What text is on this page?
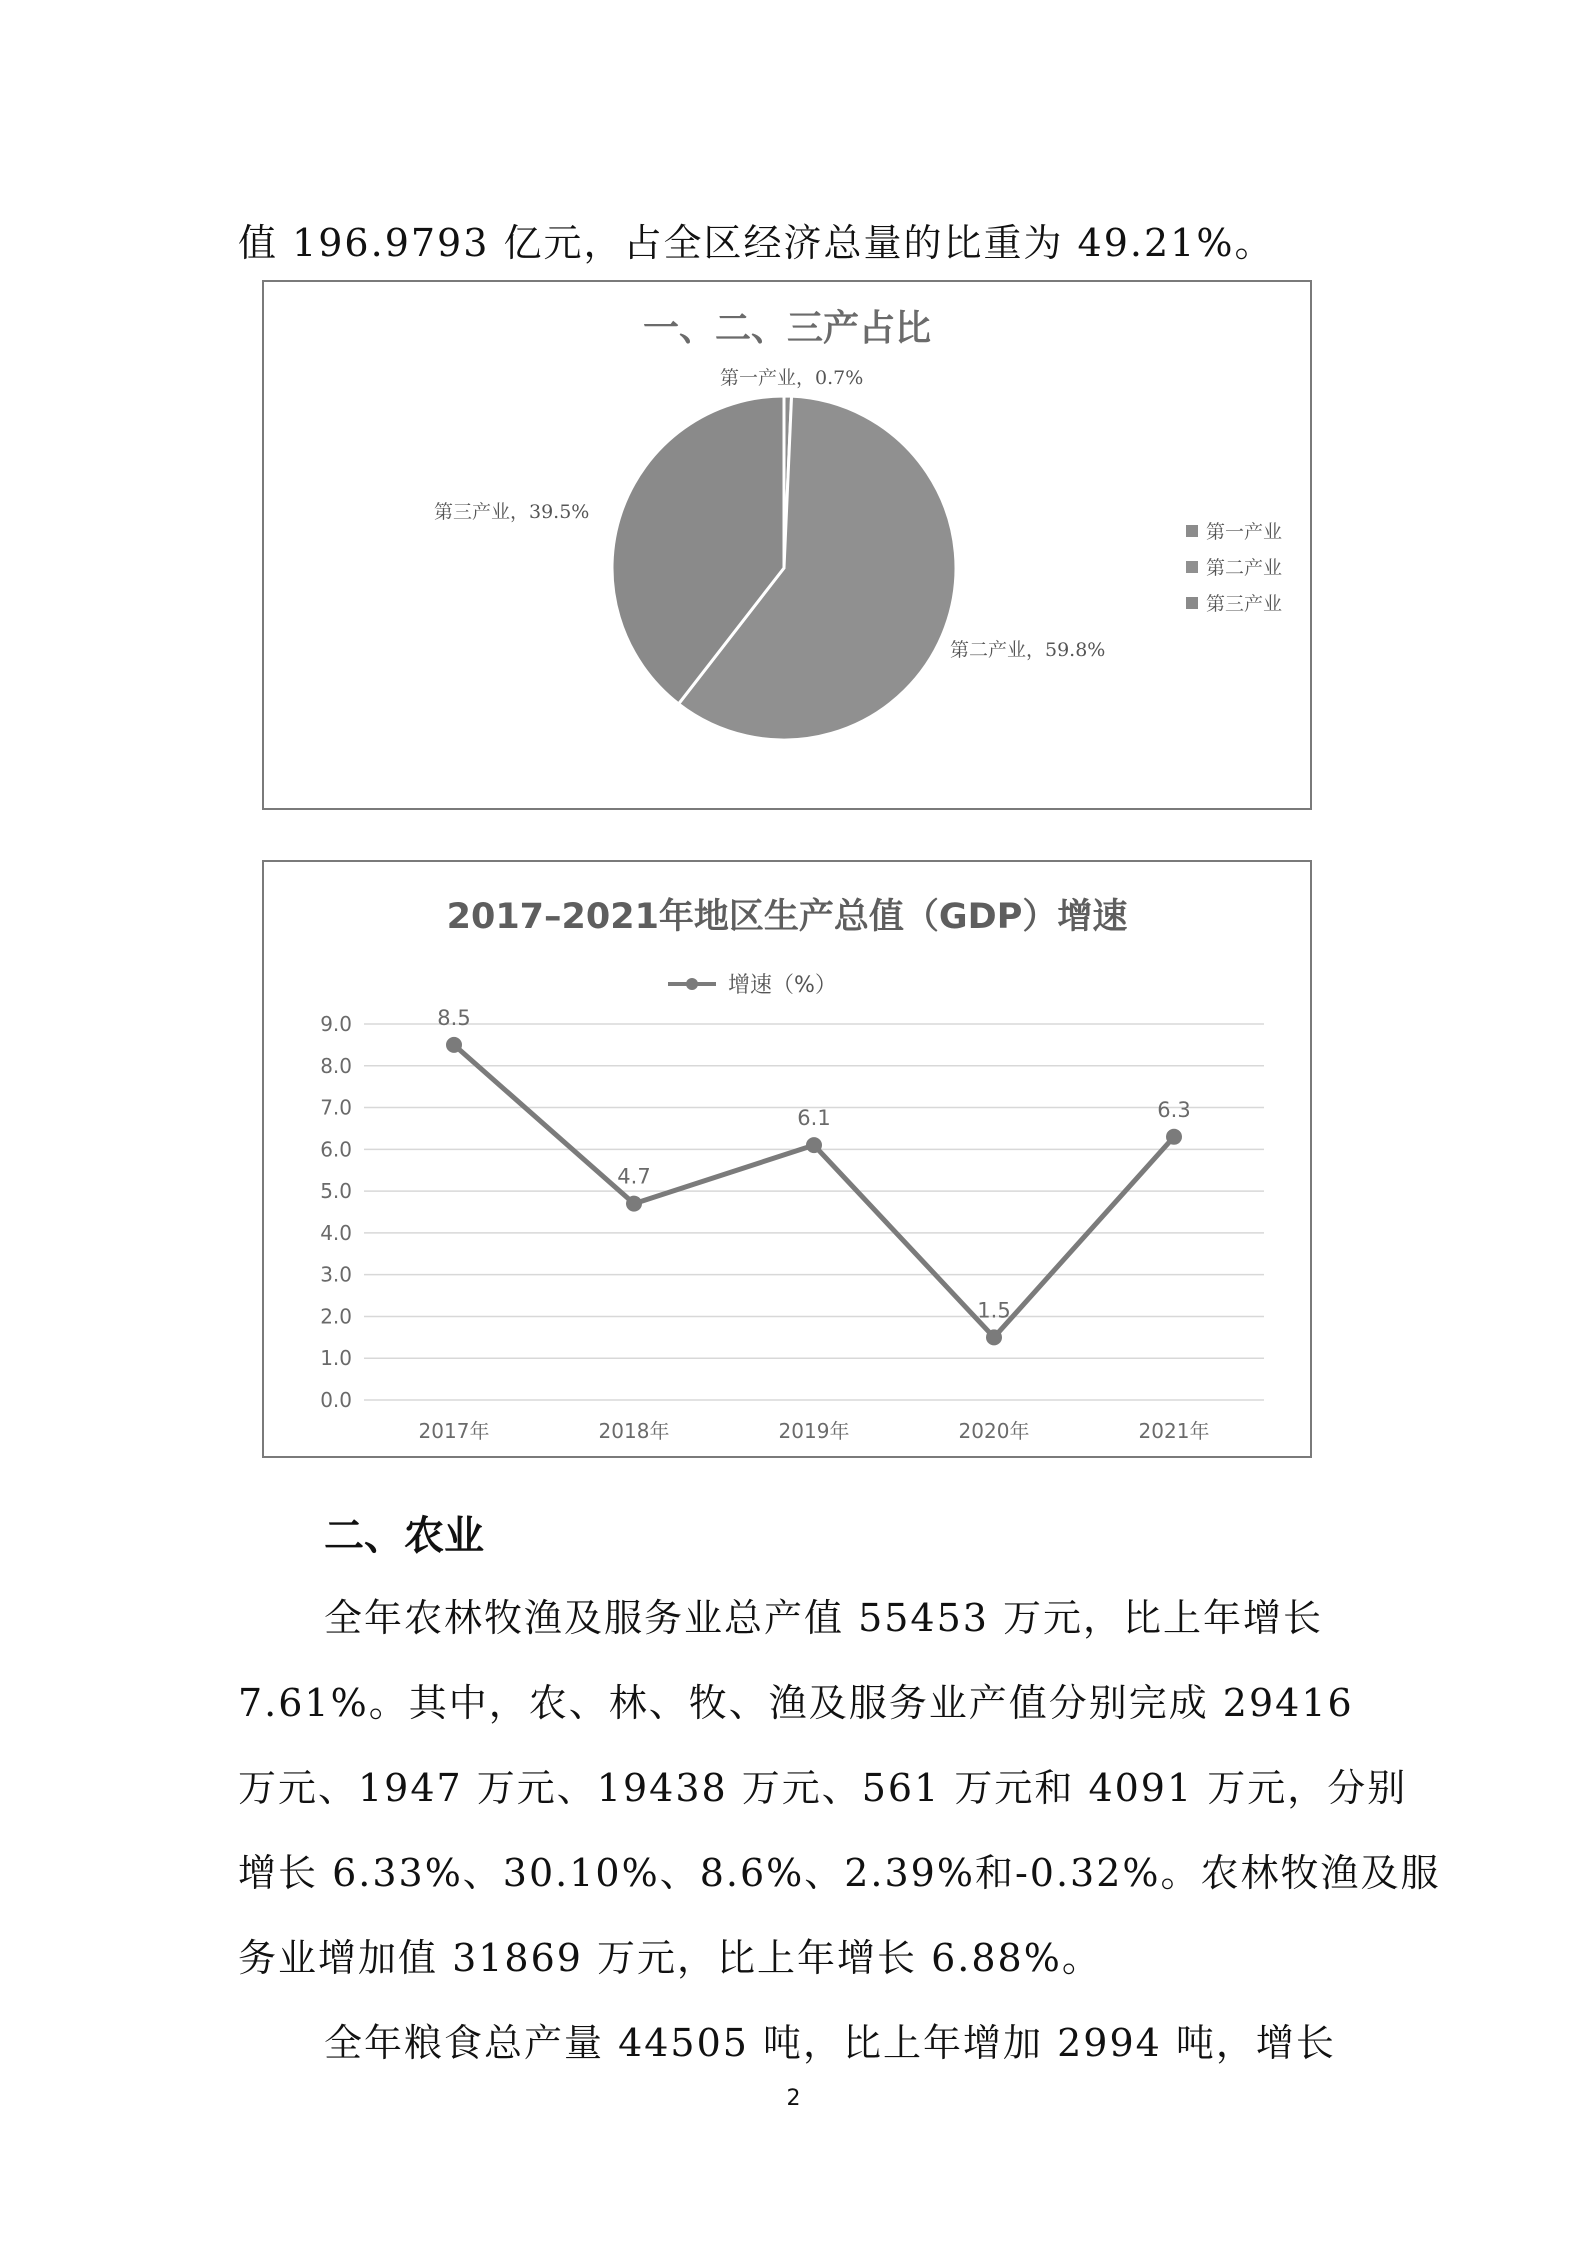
值 196.9793 亿元，占全区经济总量的比重为 49.21%。
一、二、三产占比
第一产业，0.7%
第三产业，39.5%
第二产业，59.8%
第一产业
第二产业
第三产业
2017–2021年地区生产总值（GDP）增速
增速（%）
0.0
1.0
2.0
3.0
4.0
5.0
6.0
7.0
8.0
9.0
2017年	2018年	2019年	2020年	2021年
8.5
4.7
6.1
1.5
6.3
二、农业
全年农林牧渔及服务业总产值 55453 万元，比上年增长
7.61%。其中，农、林、牧、渔及服务业产值分别完成 29416
万元、1947 万元、19438 万元、561 万元和 4091 万元，分别
增长 6.33%、30.10%、8.6%、2.39%和-0.32%。农林牧渔及服
务业增加值 31869 万元，比上年增长 6.88%。
全年粮食总产量 44505 吨，比上年增加 2994 吨，增长
2
